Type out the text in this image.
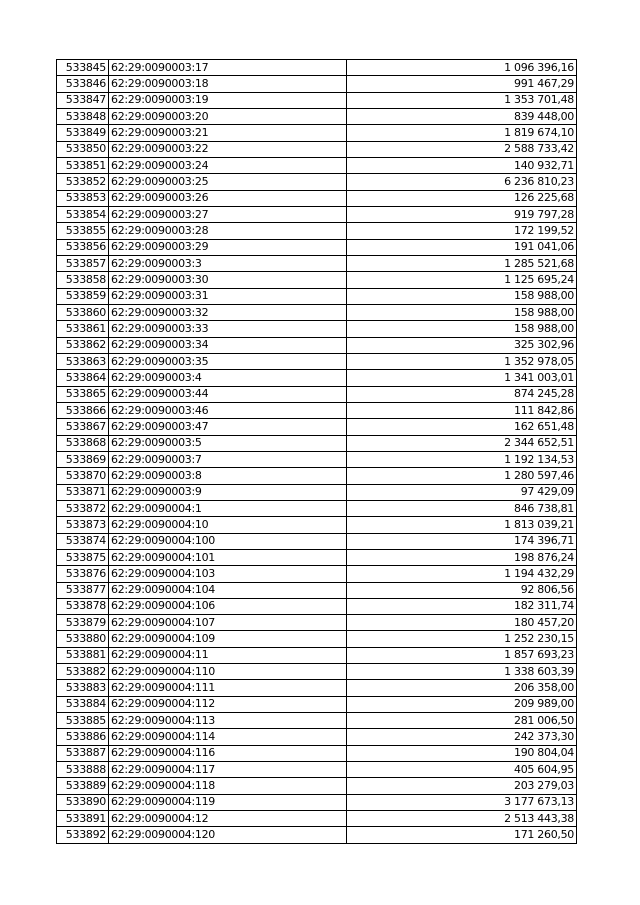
533845	62:29:0090003:17	1 096 396,16
533846	62:29:0090003:18	991 467,29
533847	62:29:0090003:19	1 353 701,48
533848	62:29:0090003:20	839 448,00
533849	62:29:0090003:21	1 819 674,10
533850	62:29:0090003:22	2 588 733,42
533851	62:29:0090003:24	140 932,71
533852	62:29:0090003:25	6 236 810,23
533853	62:29:0090003:26	126 225,68
533854	62:29:0090003:27	919 797,28
533855	62:29:0090003:28	172 199,52
533856	62:29:0090003:29	191 041,06
533857	62:29:0090003:3	1 285 521,68
533858	62:29:0090003:30	1 125 695,24
533859	62:29:0090003:31	158 988,00
533860	62:29:0090003:32	158 988,00
533861	62:29:0090003:33	158 988,00
533862	62:29:0090003:34	325 302,96
533863	62:29:0090003:35	1 352 978,05
533864	62:29:0090003:4	1 341 003,01
533865	62:29:0090003:44	874 245,28
533866	62:29:0090003:46	111 842,86
533867	62:29:0090003:47	162 651,48
533868	62:29:0090003:5	2 344 652,51
533869	62:29:0090003:7	1 192 134,53
533870	62:29:0090003:8	1 280 597,46
533871	62:29:0090003:9	97 429,09
533872	62:29:0090004:1	846 738,81
533873	62:29:0090004:10	1 813 039,21
533874	62:29:0090004:100	174 396,71
533875	62:29:0090004:101	198 876,24
533876	62:29:0090004:103	1 194 432,29
533877	62:29:0090004:104	92 806,56
533878	62:29:0090004:106	182 311,74
533879	62:29:0090004:107	180 457,20
533880	62:29:0090004:109	1 252 230,15
533881	62:29:0090004:11	1 857 693,23
533882	62:29:0090004:110	1 338 603,39
533883	62:29:0090004:111	206 358,00
533884	62:29:0090004:112	209 989,00
533885	62:29:0090004:113	281 006,50
533886	62:29:0090004:114	242 373,30
533887	62:29:0090004:116	190 804,04
533888	62:29:0090004:117	405 604,95
533889	62:29:0090004:118	203 279,03
533890	62:29:0090004:119	3 177 673,13
533891	62:29:0090004:12	2 513 443,38
533892	62:29:0090004:120	171 260,50
